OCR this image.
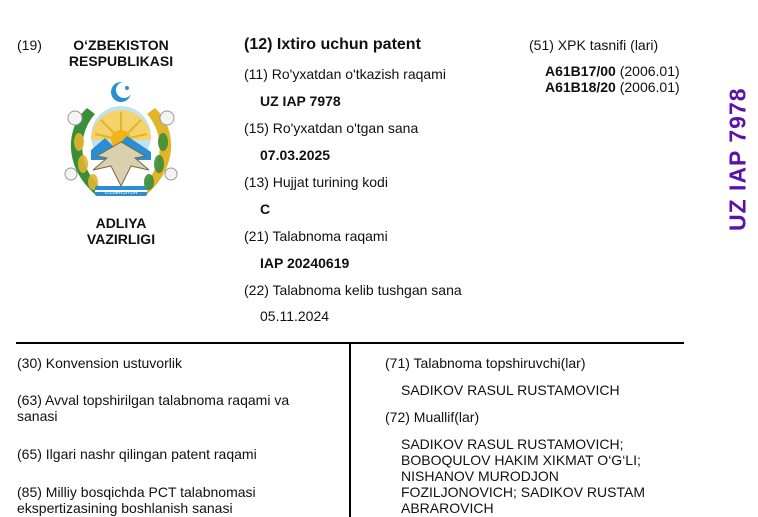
(19)	O‘ZBEKISTON
RESPUBLIKASI
O'ZBEKISTON
ADLIYA
VAZIRLIGI
(12) Ixtiro uchun patent
(11) Ro'yxatdan o'tkazish raqami
UZ IAP 7978
(15) Ro'yxatdan o'tgan sana
07.03.2025
(13) Hujjat turining kodi
C
(21) Talabnoma raqami
IAP 20240619
(22) Talabnoma kelib tushgan sana
05.11.2024
(51) XPK tasnifi (lari)
A61B17/00 (2006.01)
A61B18/20 (2006.01)
UZ IAP 7978
(30) Konvension ustuvorlik
(63) Avval topshirilgan talabnoma raqami va
sanasi
(65) Ilgari nashr qilingan patent raqami
(85) Milliy bosqichda PCT talabnomasi
ekspertizasining boshlanish sanasi
(71) Talabnoma topshiruvchi(lar)
SADIKOV RASUL RUSTAMOVICH
(72) Muallif(lar)
SADIKOV RASUL RUSTAMOVICH;
BOBOQULOV HAKIM XIKMAT O‘G‘LI;
NISHANOV MURODJON
FOZILJONOVICH; SADIKOV RUSTAM
ABRAROVICH
